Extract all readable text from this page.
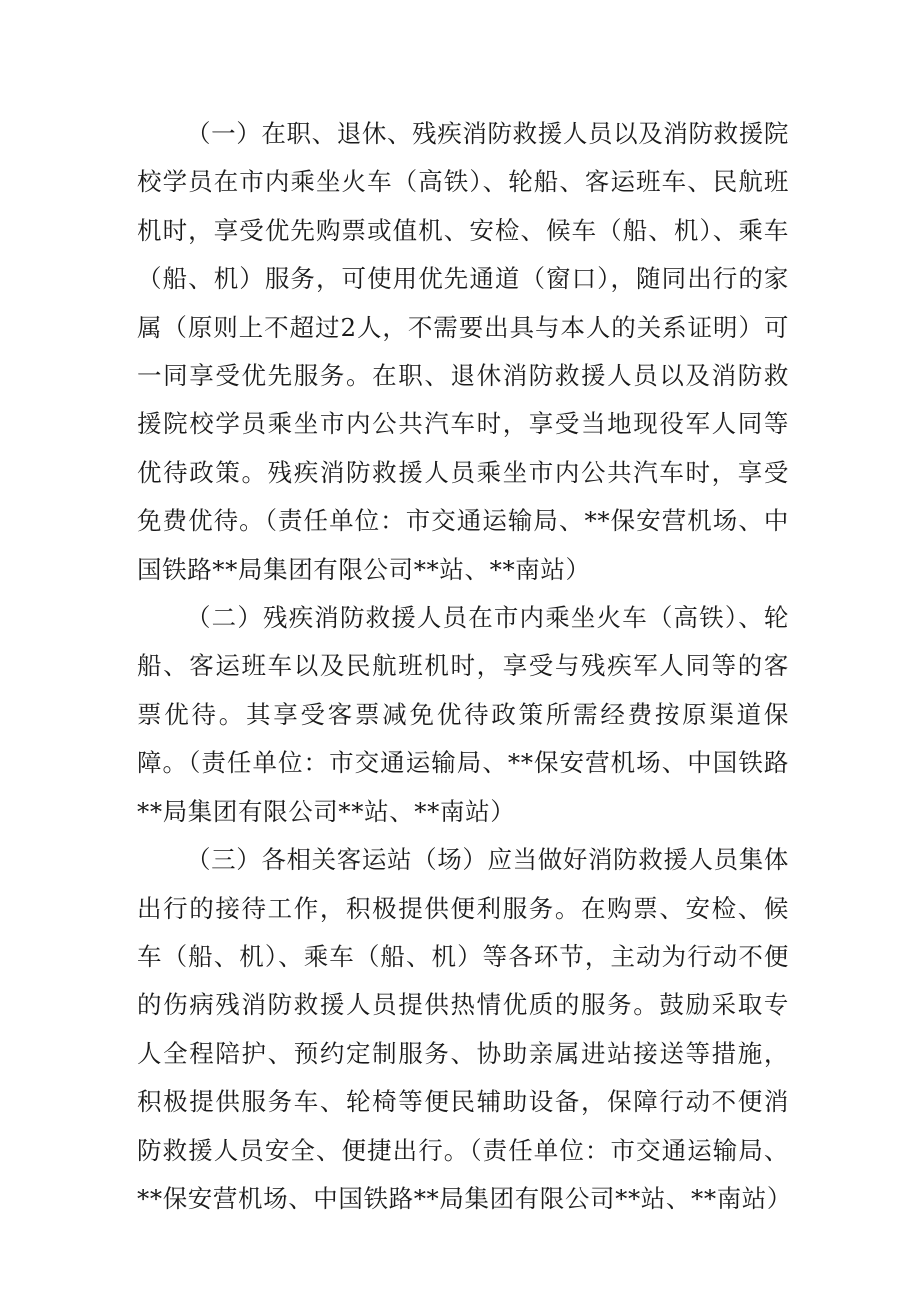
（一）在职、退休、残疾消防救援人员以及消防救援院校学员在市内乘坐火车（高铁）、轮船、客运班车、民航班机时，享受优先购票或值机、安检、候车（船、机）、乘车（船、机）服务，可使用优先通道（窗口），随同出行的家属（原则上不超过2人，不需要出具与本人的关系证明）可一同享受优先服务。在职、退休消防救援人员以及消防救援院校学员乘坐市内公共汽车时，享受当地现役军人同等优待政策。残疾消防救援人员乘坐市内公共汽车时，享受免费优待。（责任单位：市交通运输局、**保安营机场、中国铁路**局集团有限公司**站、**南站）

（二）残疾消防救援人员在市内乘坐火车（高铁）、轮船、客运班车以及民航班机时，享受与残疾军人同等的客票优待。其享受客票减免优待政策所需经费按原渠道保障。（责任单位：市交通运输局、**保安营机场、中国铁路**局集团有限公司**站、**南站）

（三）各相关客运站（场）应当做好消防救援人员集体出行的接待工作，积极提供便利服务。在购票、安检、候车（船、机）、乘车（船、机）等各环节，主动为行动不便的伤病残消防救援人员提供热情优质的服务。鼓励采取专人全程陪护、预约定制服务、协助亲属进站接送等措施，积极提供服务车、轮椅等便民辅助设备，保障行动不便消防救援人员安全、便捷出行。（责任单位：市交通运输局、**保安营机场、中国铁路**局集团有限公司**站、**南站）
